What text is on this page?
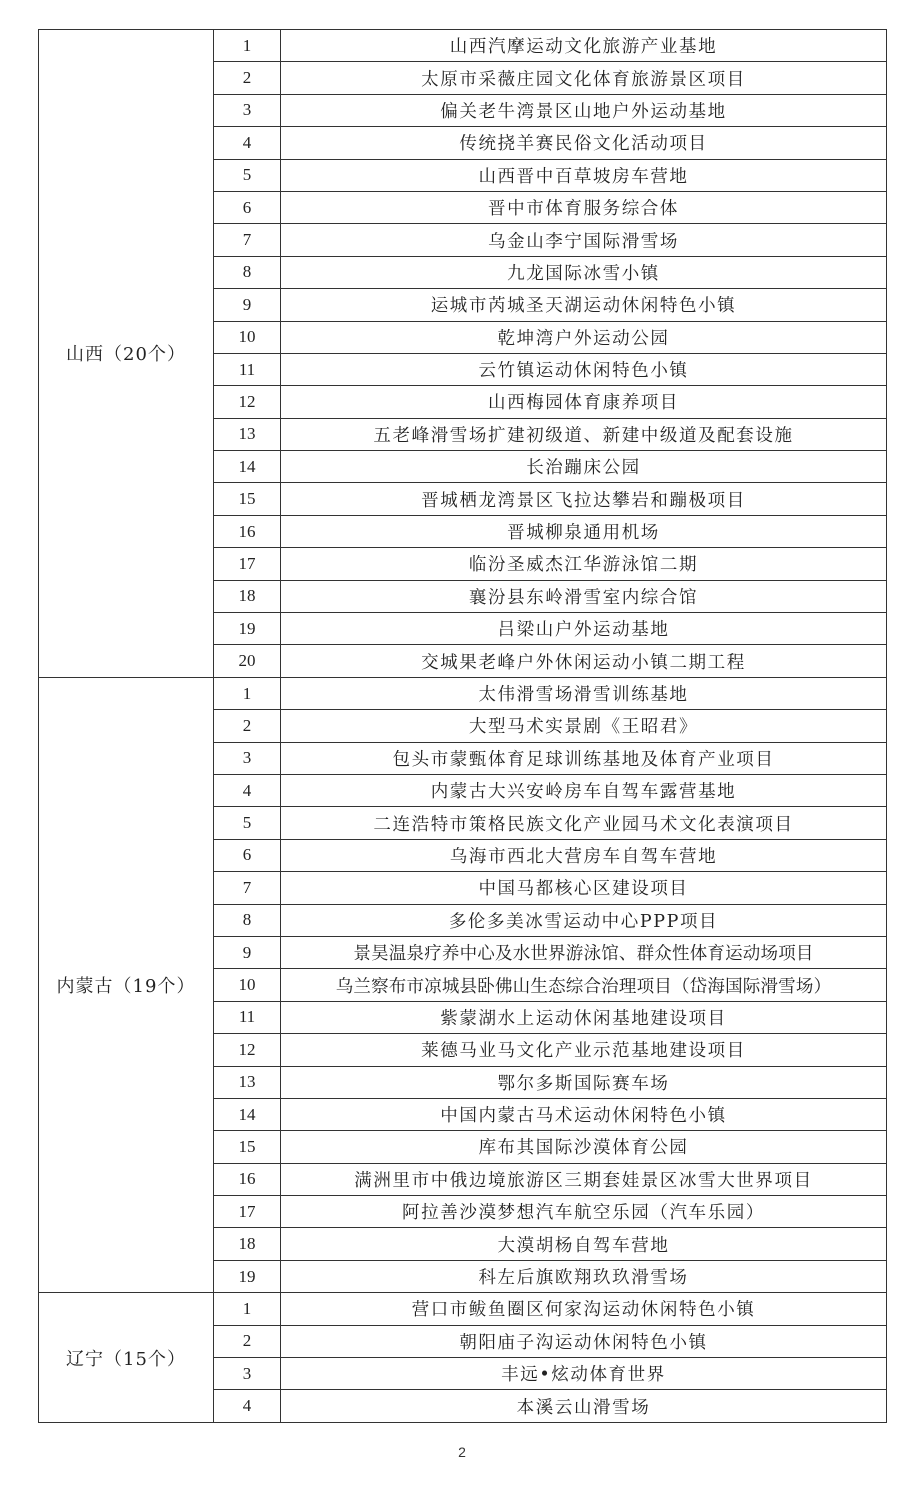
山西（20个）	1	山西汽摩运动文化旅游产业基地
	2	太原市采薇庄园文化体育旅游景区项目
	3	偏关老牛湾景区山地户外运动基地
	4	传统挠羊赛民俗文化活动项目
	5	山西晋中百草坡房车营地
	6	晋中市体育服务综合体
	7	乌金山李宁国际滑雪场
	8	九龙国际冰雪小镇
	9	运城市芮城圣天湖运动休闲特色小镇
	10	乾坤湾户外运动公园
	11	云竹镇运动休闲特色小镇
	12	山西梅园体育康养项目
	13	五老峰滑雪场扩建初级道、新建中级道及配套设施
	14	长治蹦床公园
	15	晋城栖龙湾景区飞拉达攀岩和蹦极项目
	16	晋城柳泉通用机场
	17	临汾圣威杰江华游泳馆二期
	18	襄汾县东岭滑雪室内综合馆
	19	吕梁山户外运动基地
	20	交城果老峰户外休闲运动小镇二期工程
内蒙古（19个）	1	太伟滑雪场滑雪训练基地
	2	大型马术实景剧《王昭君》
	3	包头市蒙甄体育足球训练基地及体育产业项目
	4	内蒙古大兴安岭房车自驾车露营基地
	5	二连浩特市策格民族文化产业园马术文化表演项目
	6	乌海市西北大营房车自驾车营地
	7	中国马都核心区建设项目
	8	多伦多美冰雪运动中心PPP项目
	9	景昊温泉疗养中心及水世界游泳馆、群众性体育运动场项目
	10	乌兰察布市凉城县卧佛山生态综合治理项目（岱海国际滑雪场）
	11	紫蒙湖水上运动休闲基地建设项目
	12	莱德马业马文化产业示范基地建设项目
	13	鄂尔多斯国际赛车场
	14	中国内蒙古马术运动休闲特色小镇
	15	库布其国际沙漠体育公园
	16	满洲里市中俄边境旅游区三期套娃景区冰雪大世界项目
	17	阿拉善沙漠梦想汽车航空乐园（汽车乐园）
	18	大漠胡杨自驾车营地
	19	科左后旗欧翔玖玖滑雪场
辽宁（15个）	1	营口市鲅鱼圈区何家沟运动休闲特色小镇
	2	朝阳庙子沟运动休闲特色小镇
	3	丰远•炫动体育世界
	4	本溪云山滑雪场
2
